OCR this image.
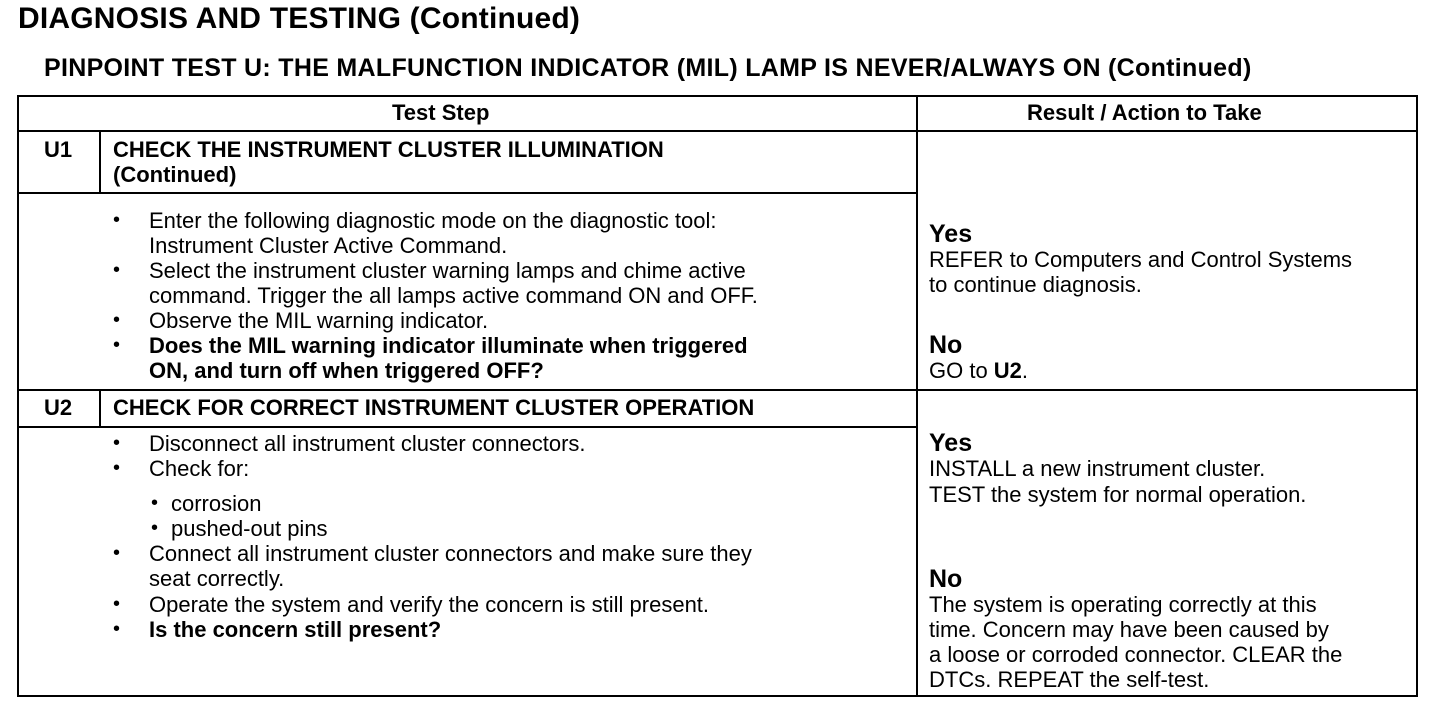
DIAGNOSIS AND TESTING (Continued)
PINPOINT TEST U: THE MALFUNCTION INDICATOR (MIL) LAMP IS NEVER/ALWAYS ON (Continued)
Test Step	Result / Action to Take
U1 CHECK THE INSTRUMENT CLUSTER ILLUMINATION
(Continued)
• Enter the following diagnostic mode on the diagnostic tool:
Instrument Cluster Active Command.
• Select the instrument cluster warning lamps and chime active
command. Trigger the all lamps active command ON and OFF.
• Observe the MIL warning indicator.
• Does the MIL warning indicator illuminate when triggered
ON, and turn off when triggered OFF?
Yes
REFER to Computers and Control Systems
to continue diagnosis.
No
GO to U2.
U2 CHECK FOR CORRECT INSTRUMENT CLUSTER OPERATION
• Disconnect all instrument cluster connectors.
• Check for:
• corrosion
• pushed-out pins
• Connect all instrument cluster connectors and make sure they
seat correctly.
• Operate the system and verify the concern is still present.
• Is the concern still present?
Yes
INSTALL a new instrument cluster.
TEST the system for normal operation.
No
The system is operating correctly at this
time. Concern may have been caused by
a loose or corroded connector. CLEAR the
DTCs. REPEAT the self-test.
